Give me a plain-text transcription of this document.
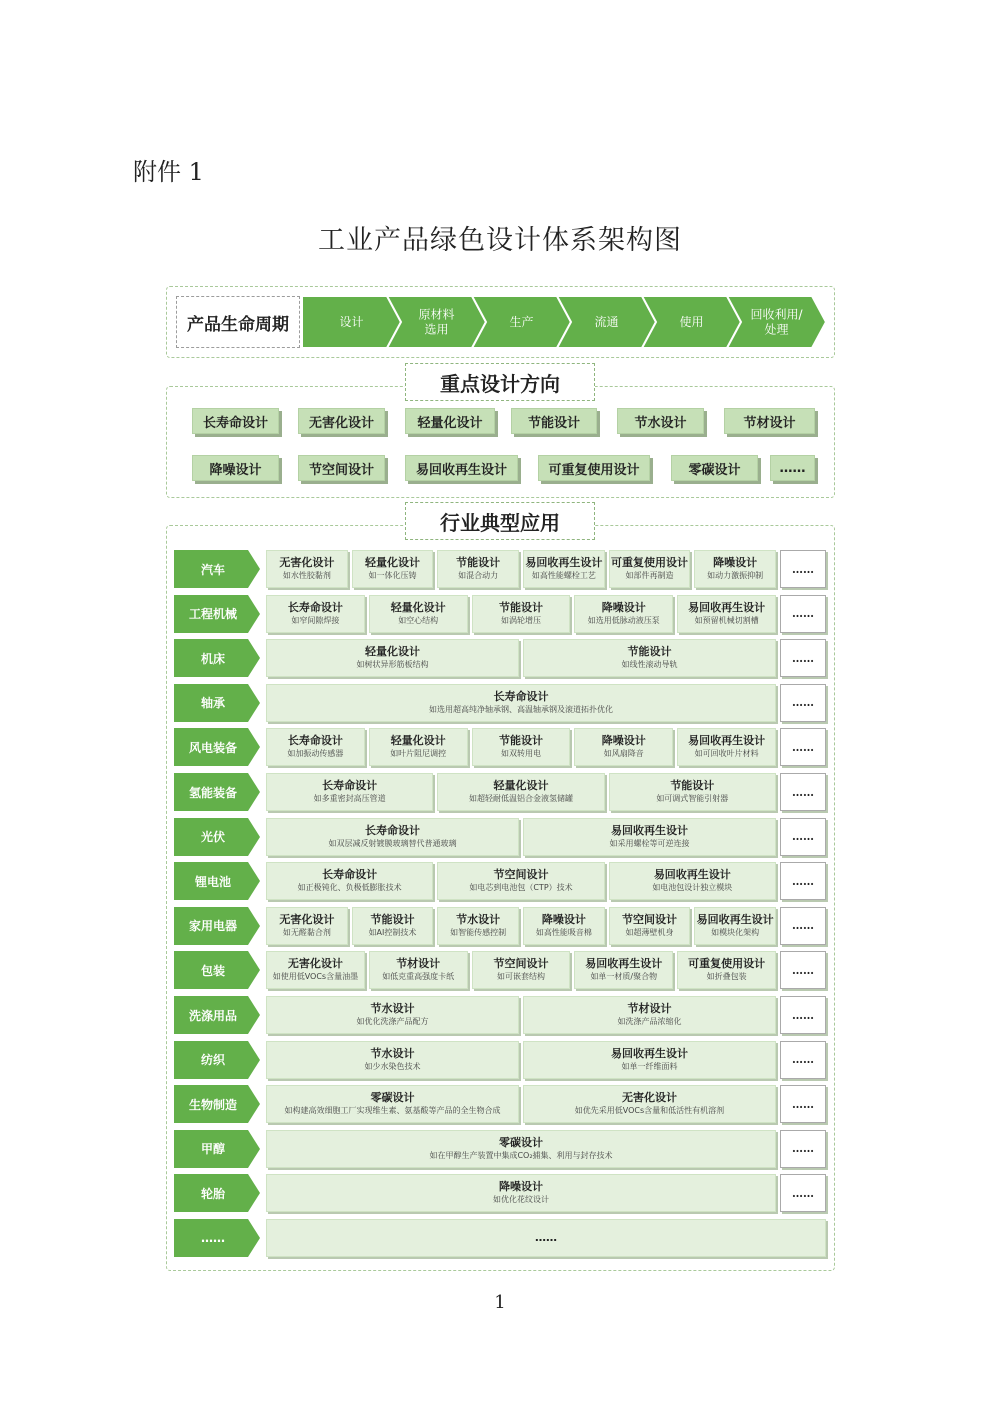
附件 1
工业产品绿色设计体系架构图
产品生命周期	设计
原材料
选用
生产	流通	使用
回收利用/
处理
重点设计方向
长寿命设计	无害化设计	轻量化设计	节能设计	节水设计	节材设计
降噪设计	节空间设计	易回收再生设计	可重复使用设计	零碳设计	……
行业典型应用
汽车	无害化设计
如水性胶黏剂
轻量化设计
如一体化压铸
节能设计
如混合动力
易回收再生设计
如高性能螺栓工艺
可重复使用设计
如部件再制造
降噪设计
如动力激振抑制	……
工程机械	长寿命设计
如窄间隙焊接
轻量化设计
如空心结构
节能设计
如涡轮增压
降噪设计
如选用低脉动液压泵
易回收再生设计
如预留机械切割槽	……
机床	轻量化设计
如树状异形筋板结构
节能设计
如线性滚动导轨	……
轴承	长寿命设计
如选用超高纯净轴承钢、高温轴承钢及滚道拓扑优化	……
风电装备	长寿命设计
如加振动传感器
轻量化设计
如叶片阻尼调控
节能设计
如双转用电
降噪设计
如风扇降音
易回收再生设计
如可回收叶片材料	……
氢能装备	长寿命设计
如多重密封高压管道
轻量化设计
如超轻耐低温铝合金液氢储罐
节能设计
如可调式智能引射器	……
光伏	长寿命设计
如双层减反射镀膜玻璃替代普通玻璃
易回收再生设计
如采用螺栓等可逆连接	……
锂电池	长寿命设计
如正极钝化、负极低膨胀技术
节空间设计
如电芯到电池包（CTP）技术
易回收再生设计
如电池包设计独立模块	……
家用电器	无害化设计
如无醛黏合剂
节能设计
如AI控制技术
节水设计
如智能传感控制
降噪设计
如高性能吸音棉
节空间设计
如超薄壁机身
易回收再生设计
如模块化架构	……
包装	无害化设计
如使用低VOCs含量油墨
节材设计
如低克重高强度卡纸
节空间设计
如可嵌套结构
易回收再生设计
如单一材质/聚合物
可重复使用设计
如折叠包装	……
洗涤用品	节水设计
如优化洗涤产品配方
节材设计
如洗涤产品浓缩化	……
纺织	节水设计
如少水染色技术
易回收再生设计
如单一纤维面料	……
生物制造	零碳设计
如构建高效细胞工厂实现维生素、氨基酸等产品的全生物合成
无害化设计
如优先采用低VOCs含量和低活性有机溶剂	……
甲醇	零碳设计
如在甲醇生产装置中集成CO₂捕集、利用与封存技术	……
轮胎	降噪设计
如优化花纹设计	……
……	……
1
